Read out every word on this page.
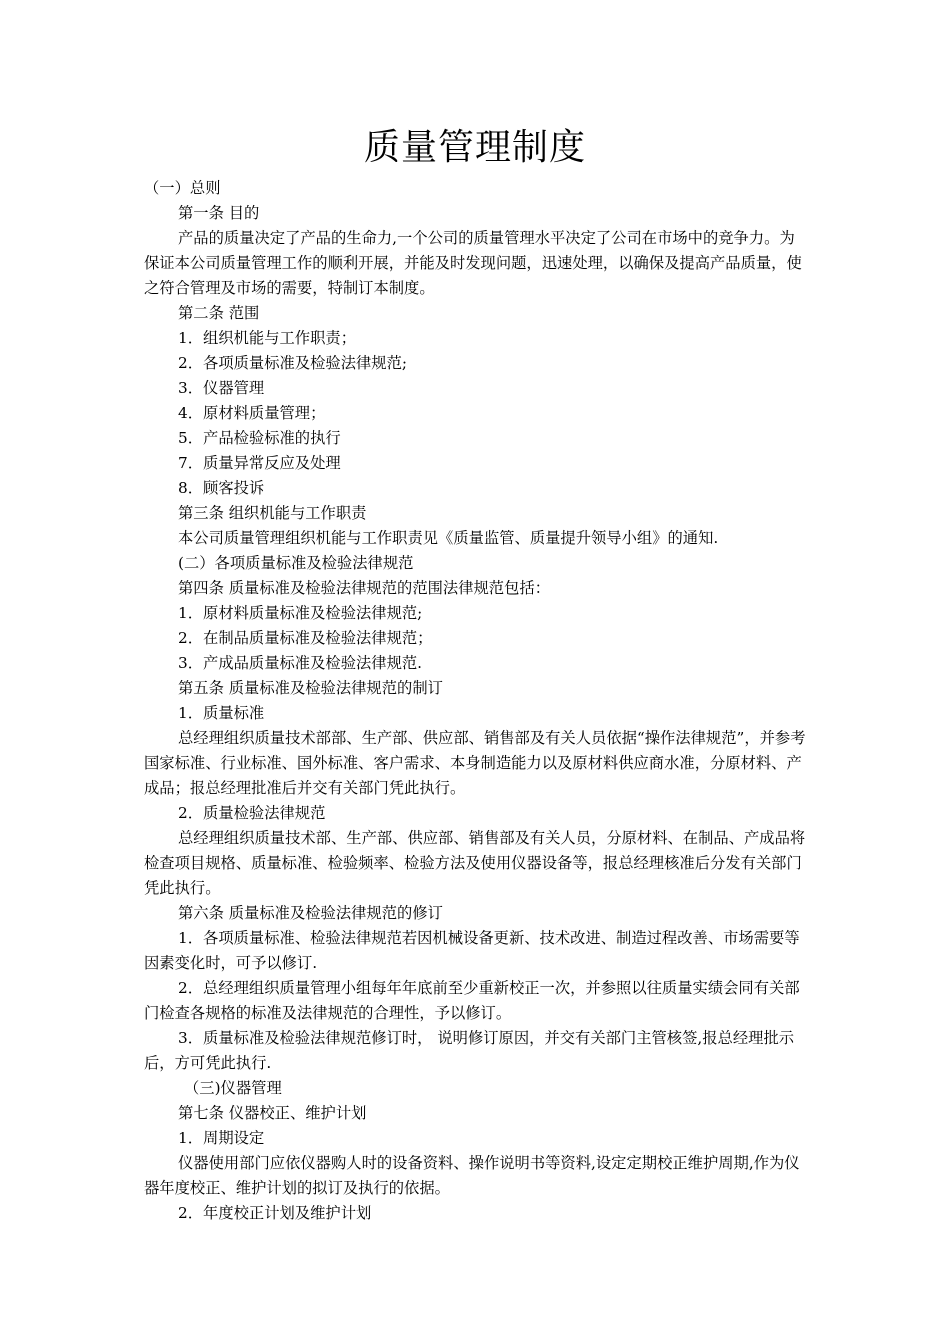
质量管理制度

（一）总则

第一条 目的

产品的质量决定了产品的生命力,一个公司的质量管理水平决定了公司在市场中的竞争力。为保证本公司质量管理工作的顺利开展，并能及时发现问题，迅速处理，以确保及提高产品质量，使之符合管理及市场的需要，特制订本制度。

第二条 范围

1．组织机能与工作职责；

2．各项质量标准及检验法律规范;

3．仪器管理

4．原材料质量管理；

5．产品检验标准的执行

7．质量异常反应及处理

8．顾客投诉

第三条 组织机能与工作职责

本公司质量管理组织机能与工作职责见《质量监管、质量提升领导小组》的通知.

(二）各项质量标准及检验法律规范

第四条 质量标准及检验法律规范的范围法律规范包括：

1．原材料质量标准及检验法律规范;

2．在制品质量标准及检验法律规范；

3．产成品质量标准及检验法律规范.

第五条 质量标准及检验法律规范的制订

1．质量标准

总经理组织质量技术部部、生产部、供应部、销售部及有关人员依据“操作法律规范”，并参考国家标准、行业标准、国外标准、客户需求、本身制造能力以及原材料供应商水准，分原材料、产成品；报总经理批准后并交有关部门凭此执行。

2．质量检验法律规范

总经理组织质量技术部、生产部、供应部、销售部及有关人员，分原材料、在制品、产成品将检查项目规格、质量标准、检验频率、检验方法及使用仪器设备等，报总经理核准后分发有关部门凭此执行。

第六条 质量标准及检验法律规范的修订

1．各项质量标准、检验法律规范若因机械设备更新、技术改进、制造过程改善、市场需要等因素变化时，可予以修订.

2．总经理组织质量管理小组每年年底前至少重新校正一次，并参照以往质量实绩会同有关部门检查各规格的标准及法律规范的合理性，予以修订。

3．质量标准及检验法律规范修订时， 说明修订原因，并交有关部门主管核签,报总经理批示后，方可凭此执行.

（三)仪器管理

第七条 仪器校正、维护计划

1．周期设定

仪器使用部门应依仪器购人时的设备资料、操作说明书等资料,设定定期校正维护周期,作为仪器年度校正、维护计划的拟订及执行的依据。

2．年度校正计划及维护计划
